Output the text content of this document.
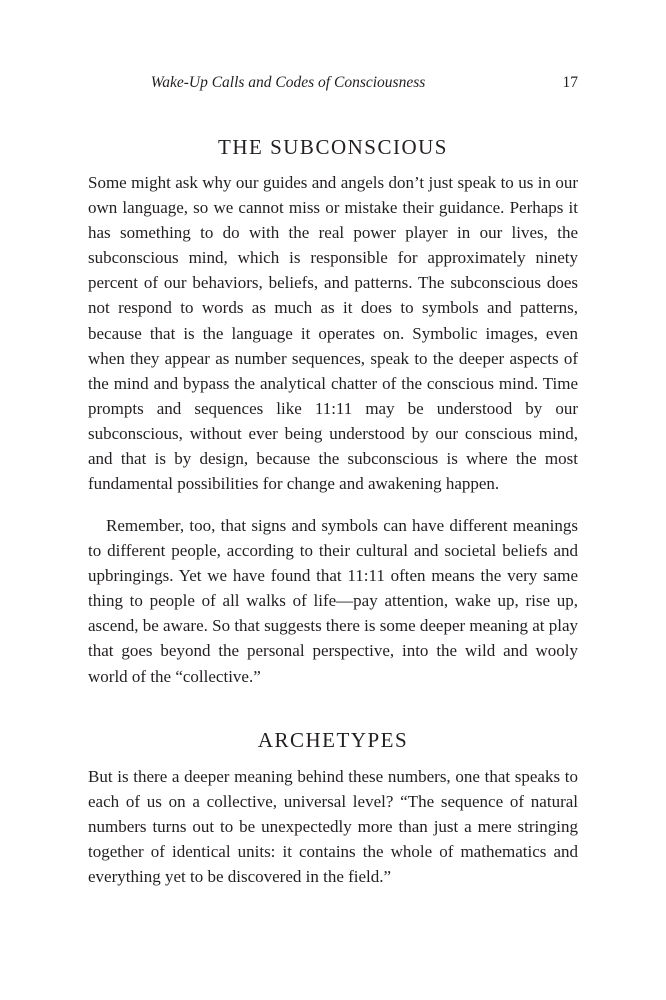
Wake-Up Calls and Codes of Consciousness	17
THE SUBCONSCIOUS

Some might ask why our guides and angels don’t just speak to us in our own language, so we cannot miss or mistake their guidance. Perhaps it has something to do with the real power player in our lives, the subconscious mind, which is responsible for approximately ninety percent of our behaviors, beliefs, and patterns. The subconscious does not respond to words as much as it does to symbols and patterns, because that is the language it operates on. Symbolic images, even when they appear as number sequences, speak to the deeper aspects of the mind and bypass the analytical chatter of the conscious mind. Time prompts and sequences like 11:11 may be understood by our subconscious, without ever being understood by our conscious mind, and that is by design, because the subconscious is where the most fundamental possibilities for change and awakening happen.

Remember, too, that signs and symbols can have different meanings to different people, according to their cultural and societal beliefs and upbringings. Yet we have found that 11:11 often means the very same thing to people of all walks of life—pay attention, wake up, rise up, ascend, be aware. So that suggests there is some deeper meaning at play that goes beyond the personal perspective, into the wild and wooly world of the “collective.”

ARCHETYPES

But is there a deeper meaning behind these numbers, one that speaks to each of us on a collective, universal level? “The sequence of natural numbers turns out to be unexpectedly more than just a mere stringing together of identical units: it contains the whole of mathematics and everything yet to be discovered in the field.”
